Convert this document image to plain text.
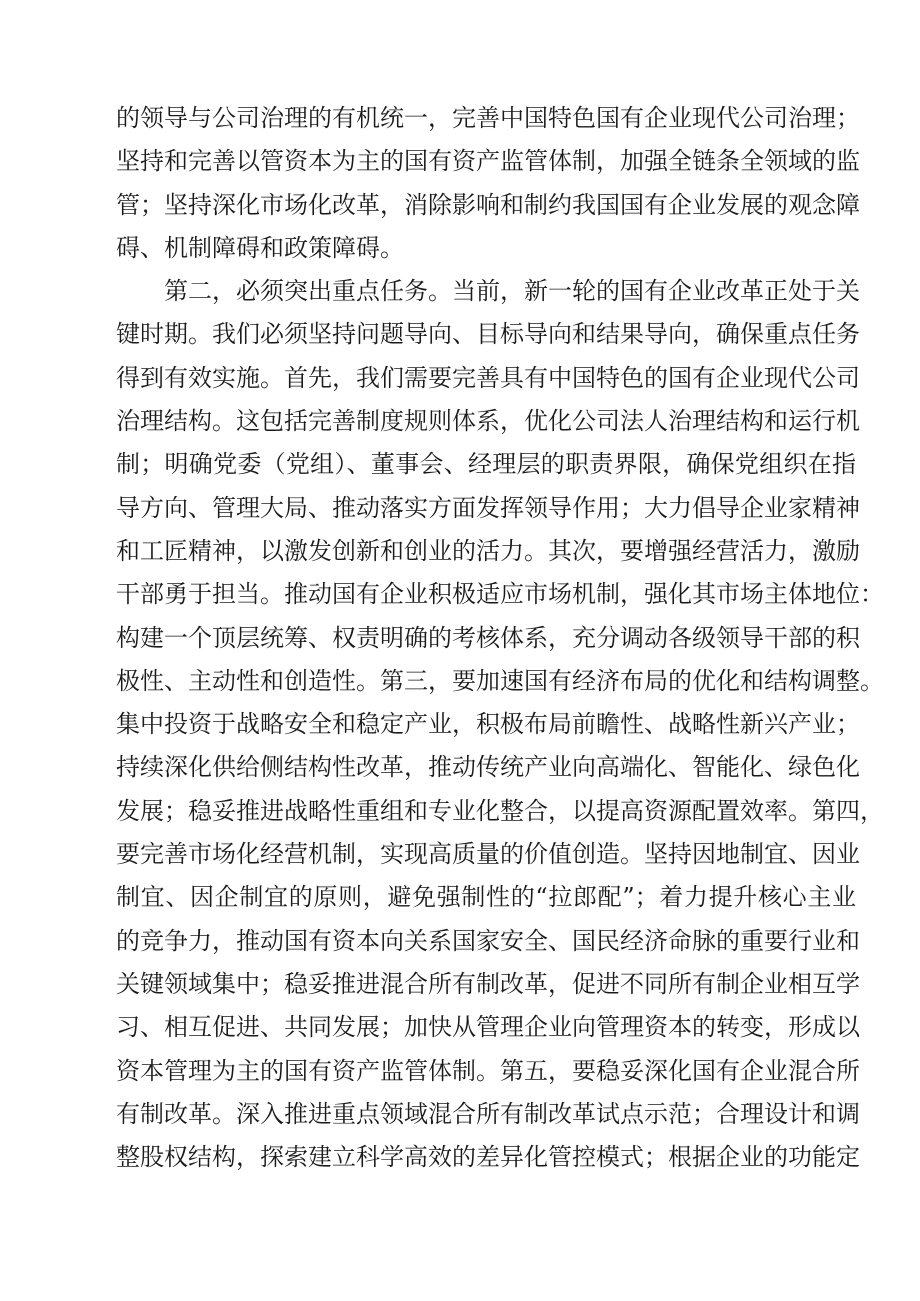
的领导与公司治理的有机统一，完善中国特色国有企业现代公司治理；
坚持和完善以管资本为主的国有资产监管体制，加强全链条全领域的监
管；坚持深化市场化改革，消除影响和制约我国国有企业发展的观念障
碍、机制障碍和政策障碍。
第二，必须突出重点任务。当前，新一轮的国有企业改革正处于关
键时期。我们必须坚持问题导向、目标导向和结果导向，确保重点任务
得到有效实施。首先，我们需要完善具有中国特色的国有企业现代公司
治理结构。这包括完善制度规则体系，优化公司法人治理结构和运行机
制；明确党委（党组）、董事会、经理层的职责界限，确保党组织在指
导方向、管理大局、推动落实方面发挥领导作用；大力倡导企业家精神
和工匠精神，以激发创新和创业的活力。其次，要增强经营活力，激励
干部勇于担当。推动国有企业积极适应市场机制，强化其市场主体地位：
构建一个顶层统筹、权责明确的考核体系，充分调动各级领导干部的积
极性、主动性和创造性。第三，要加速国有经济布局的优化和结构调整。
集中投资于战略安全和稳定产业，积极布局前瞻性、战略性新兴产业；
持续深化供给侧结构性改革，推动传统产业向高端化、智能化、绿色化
发展；稳妥推进战略性重组和专业化整合，以提高资源配置效率。第四，
要完善市场化经营机制，实现高质量的价值创造。坚持因地制宜、因业
制宜、因企制宜的原则，避免强制性的“拉郎配”；着力提升核心主业
的竞争力，推动国有资本向关系国家安全、国民经济命脉的重要行业和
关键领域集中；稳妥推进混合所有制改革，促进不同所有制企业相互学
习、相互促进、共同发展；加快从管理企业向管理资本的转变，形成以
资本管理为主的国有资产监管体制。第五，要稳妥深化国有企业混合所
有制改革。深入推进重点领域混合所有制改革试点示范；合理设计和调
整股权结构，探索建立科学高效的差异化管控模式；根据企业的功能定
